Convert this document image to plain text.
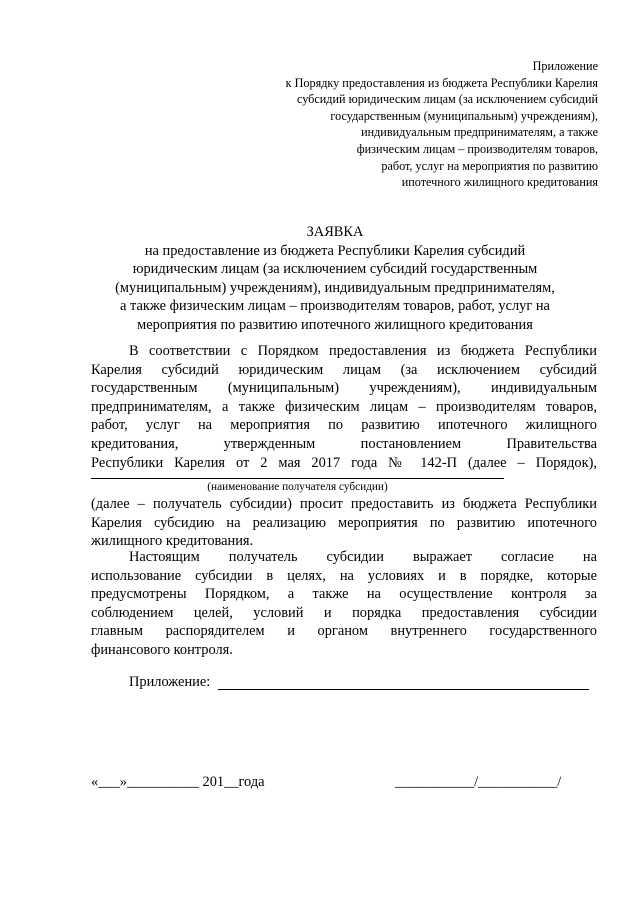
Приложение
к Порядку предоставления из бюджета Республики Карелия
субсидий юридическим лицам (за исключением субсидий
государственным (муниципальным) учреждениям),
индивидуальным предпринимателям, а также
физическим лицам – производителям товаров,
работ, услуг на мероприятия по развитию
ипотечного жилищного кредитования
ЗАЯВКА
на предоставление из бюджета Республики Карелия субсидий
юридическим лицам (за исключением субсидий государственным
(муниципальным) учреждениям), индивидуальным предпринимателям,
а также физическим лицам – производителям товаров, работ, услуг на
мероприятия по развитию ипотечного жилищного кредитования
В соответствии с Порядком предоставления из бюджета Республики
Карелия субсидий юридическим лицам (за исключением субсидий
государственным (муниципальным) учреждениям), индивидуальным
предпринимателям, а также физическим лицам – производителям товаров,
работ, услуг на мероприятия по развитию ипотечного жилищного
кредитования, утвержденным постановлением Правительства
Республики Карелия от 2 мая 2017 года № 142-П (далее – Порядок),
(наименование получателя субсидии)
(далее – получатель субсидии) просит предоставить из бюджета Республики
Карелия субсидию на реализацию мероприятия по развитию ипотечного
жилищного кредитования.
Настоящим получатель субсидии выражает согласие на
использование субсидии в целях, на условиях и в порядке, которые
предусмотрены Порядком, а также на осуществление контроля за
соблюдением целей, условий и порядка предоставления субсидии
главным распорядителем и органом внутреннего государственного
финансового контроля.
Приложение:
«___»__________ 201__года	___________/___________/
